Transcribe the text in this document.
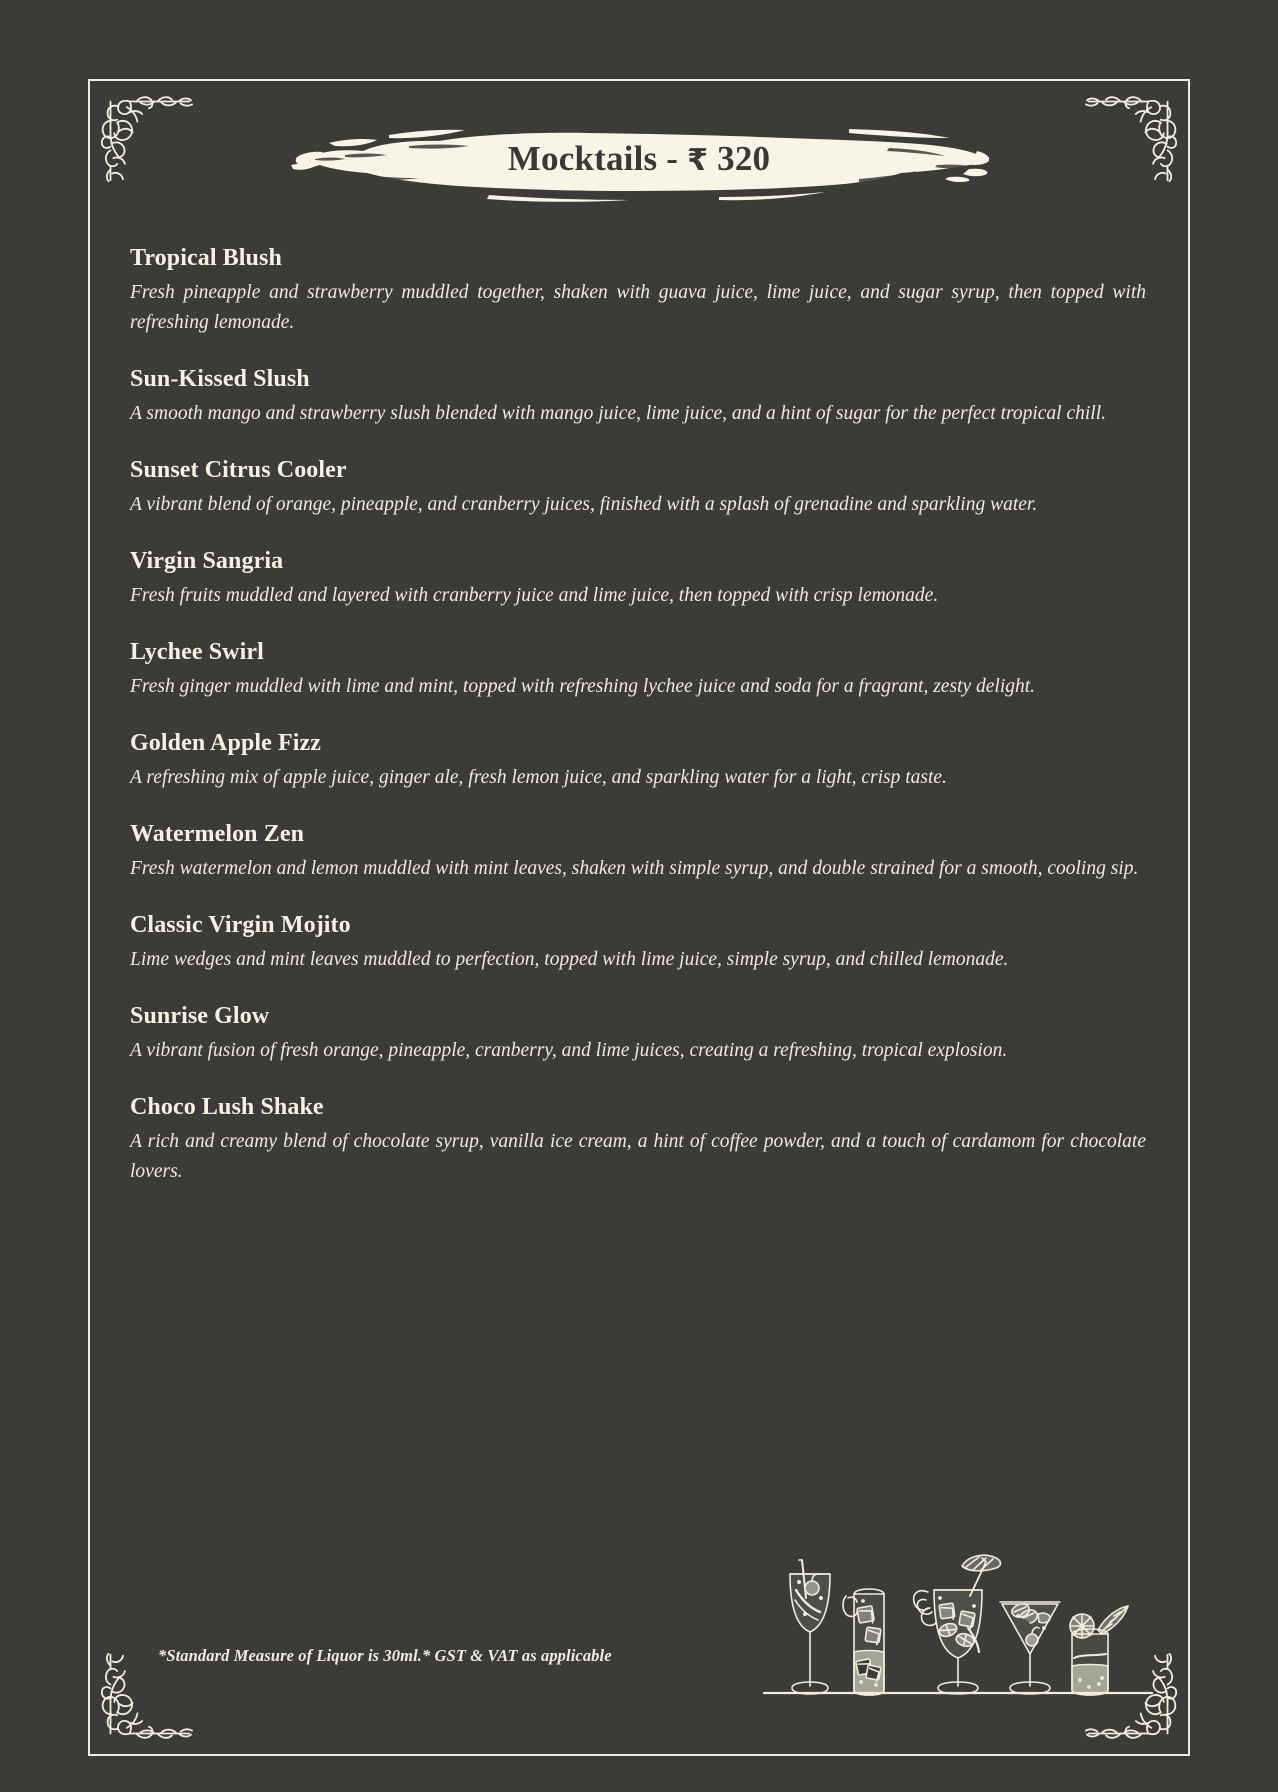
Mocktails - ₹ 320
Tropical Blush
Fresh pineapple and strawberry muddled together, shaken with guava juice, lime juice, and sugar syrup, then topped with refreshing lemonade.
Sun-Kissed Slush
A smooth mango and strawberry slush blended with mango juice, lime juice, and a hint of sugar for the perfect tropical chill.
Sunset Citrus Cooler
A vibrant blend of orange, pineapple, and cranberry juices, finished with a splash of grenadine and sparkling water.
Virgin Sangria
Fresh fruits muddled and layered with cranberry juice and lime juice, then topped with crisp lemonade.
Lychee Swirl
Fresh ginger muddled with lime and mint, topped with refreshing lychee juice and soda for a fragrant, zesty delight.
Golden Apple Fizz
A refreshing mix of apple juice, ginger ale, fresh lemon juice, and sparkling water for a light, crisp taste.
Watermelon Zen
Fresh watermelon and lemon muddled with mint leaves, shaken with simple syrup, and double strained for a smooth, cooling sip.
Classic Virgin Mojito
Lime wedges and mint leaves muddled to perfection, topped with lime juice, simple syrup, and chilled lemonade.
Sunrise Glow
A vibrant fusion of fresh orange, pineapple, cranberry, and lime juices, creating a refreshing, tropical explosion.
Choco Lush Shake
A rich and creamy blend of chocolate syrup, vanilla ice cream, a hint of coffee powder, and a touch of cardamom for chocolate lovers.
*Standard Measure of Liquor is 30ml.* GST & VAT as applicable
